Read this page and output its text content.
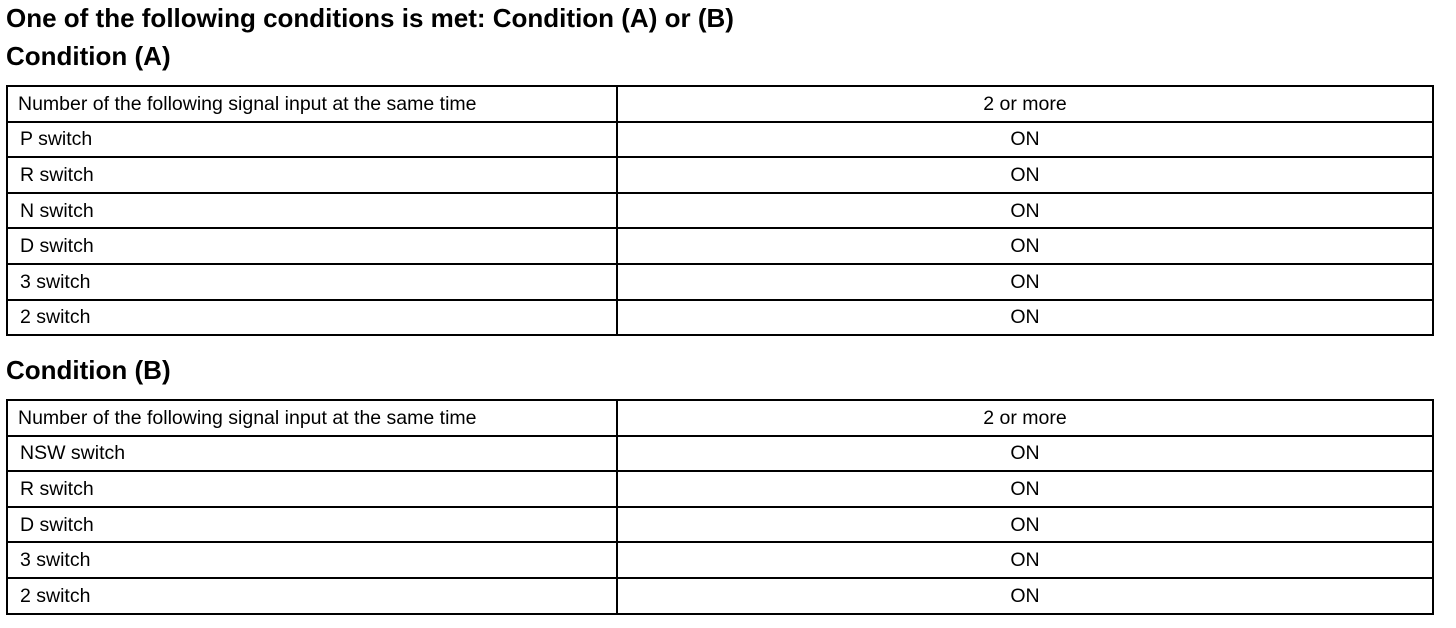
One of the following conditions is met: Condition (A) or (B)
Condition (A)
Number of the following signal input at the same time	2 or more
P switch	ON
R switch	ON
N switch	ON
D switch	ON
3 switch	ON
2 switch	ON
Condition (B)
Number of the following signal input at the same time	2 or more
NSW switch	ON
R switch	ON
D switch	ON
3 switch	ON
2 switch	ON
